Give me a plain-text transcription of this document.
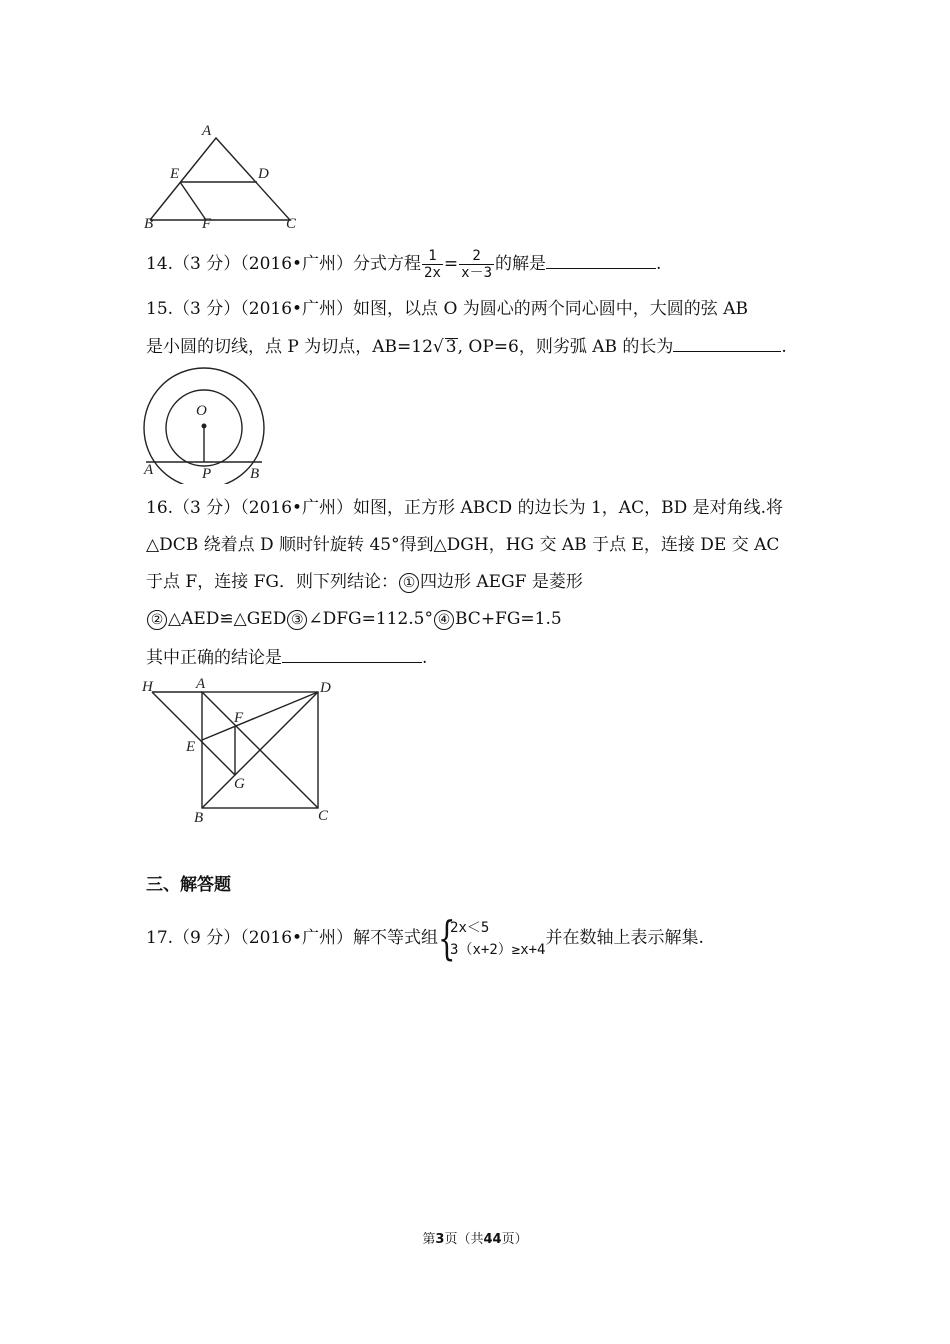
A
E	D
B	F	C
14.（3 分）（2016•广州）分式方程 $\frac{1}{2x} = \frac{2}{x-3}$ 的解是	.
15.（3 分）（2016•广州）如图，以点 O 为圆心的两个同心圆中，大圆的弦 AB
是小圆的切线，点 P 为切点，AB=12√ 3, OP=6，则劣弧 AB 的长为	.
O
P
A	B
16.（3 分）（2016•广州）如图，正方形 ABCD 的边长为 1，AC，BD 是对角线.将
△DCB 绕着点 D 顺时针旋转 45°得到△DGH，HG 交 AB 于点 E，连接 DE 交 AC
于点 F，连接 FG．则下列结论： ① 四边形 AEGF 是菱形
② △AED≌△GED ③ ∠DFG=112.5° ④ BC+FG=1.5
其中正确的结论是	.
H	A	D
F
E
G
B	C
三、解答题
17.（9 分）（2016•广州）解不等式组 {
2x＜5
3（x+2）≥x+4
并在数轴上表示解集.
第3页（共44页）
